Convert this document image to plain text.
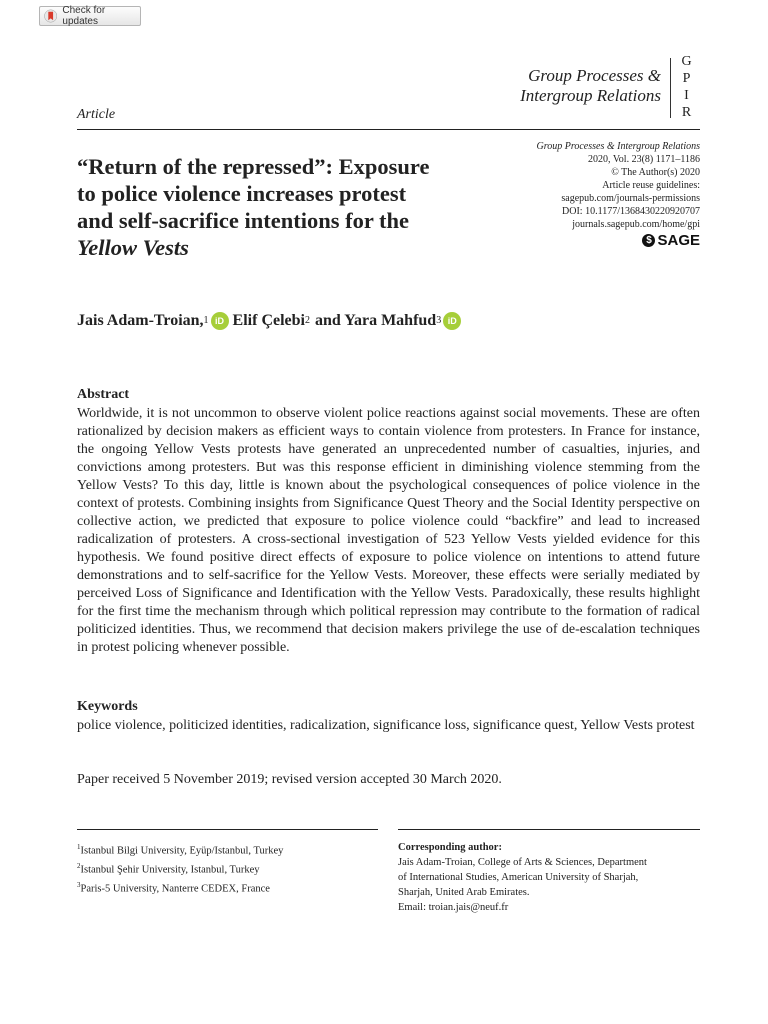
Check for updates
Group Processes &
Intergroup Relations
G
P
I
R
Article
“Return of the repressed”: Exposure
to police violence increases protest
and self-sacrifice intentions for the
Yellow Vests
Group Processes & Intergroup Relations
2020, Vol. 23(8) 1171–1186
© The Author(s) 2020
Article reuse guidelines:
sagepub.com/journals-permissions
DOI: 10.1177/1368430220920707
journals.sagepub.com/home/gpi
$ SAGE
Jais Adam-Troian,$^1$ iD Elif Çelebi$^2$ and Yara Mahfud$^3$ iD
Abstract
Worldwide, it is not uncommon to observe violent police reactions against social movements. These are often rationalized by decision makers as efficient ways to contain violence from protesters. In France for instance, the ongoing Yellow Vests protests have generated an unprecedented number of casualties, injuries, and convictions among protesters. But was this response efficient in diminishing violence stemming from the Yellow Vests? To this day, little is known about the psychological consequences of police violence in the context of protests. Combining insights from Significance Quest Theory and the Social Identity perspective on collective action, we predicted that exposure to police violence could “backfire” and lead to increased radicalization of protesters. A cross-sectional investigation of 523 Yellow Vests yielded evidence for this hypothesis. We found positive direct effects of exposure to police violence on intentions to attend future demonstrations and to self-sacrifice for the Yellow Vests. Moreover, these effects were serially mediated by perceived Loss of Significance and Identification with the Yellow Vests. Paradoxically, these results highlight for the first time the mechanism through which political repression may contribute to the formation of radical politicized identities. Thus, we recommend that decision makers privilege the use of de-escalation techniques in protest policing whenever possible.
Keywords
police violence, politicized identities, radicalization, significance loss, significance quest, Yellow Vests protest
Paper received 5 November 2019; revised version accepted 30 March 2020.
$^1$Istanbul Bilgi University, Eyüp/Istanbul, Turkey
$^2$Istanbul Şehir University, Istanbul, Turkey
$^3$Paris-5 University, Nanterre CEDEX, France
Corresponding author:
Jais Adam-Troian, College of Arts & Sciences, Department
of International Studies, American University of Sharjah,
Sharjah, United Arab Emirates.
Email: troian.jais@neuf.fr
